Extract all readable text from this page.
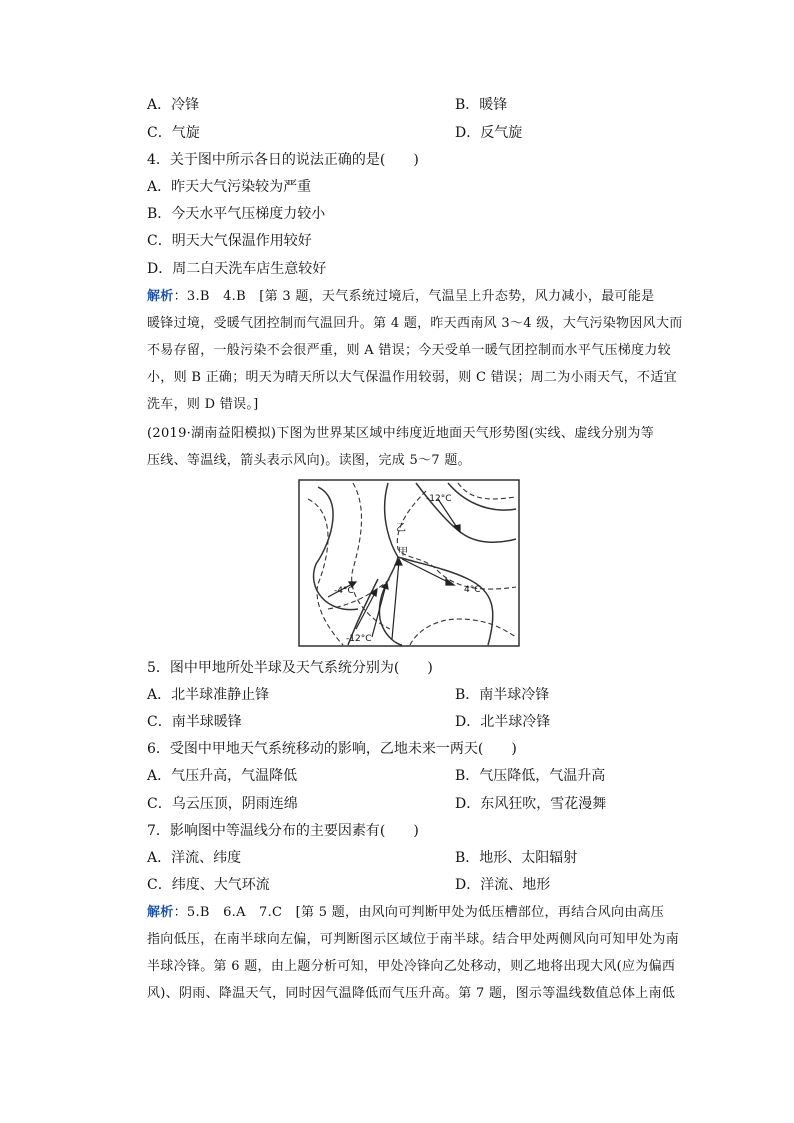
A．冷锋	B．暖锋
C．气旋	D．反气旋
4．关于图中所示各日的说法正确的是(　　)
A．昨天大气污染较为严重
B．今天水平气压梯度力较小
C．明天大气保温作用较好
D．周二白天洗车店生意较好
解析：3.B　4.B　[第 3 题，天气系统过境后，气温呈上升态势，风力减小，最可能是
暖锋过境，受暖气团控制而气温回升。第 4 题，昨天西南风 3～4 级，大气污染物因风大而
不易存留，一般污染不会很严重，则 A 错误；今天受单一暖气团控制而水平气压梯度力较
小，则 B 正确；明天为晴天所以大气保温作用较弱，则 C 错误；周二为小雨天气，不适宜
洗车，则 D 错误。]
(2019·湖南益阳模拟)下图为世界某区域中纬度近地面天气形势图(实线、虚线分别为等
压线、等温线，箭头表示风向)。读图，完成 5～7 题。
-12°C
-4°C	4°C
-12°C
乙
甲
5．图中甲地所处半球及天气系统分别为(　　)
A．北半球准静止锋	B．南半球冷锋
C．南半球暖锋	D．北半球冷锋
6．受图中甲地天气系统移动的影响，乙地未来一两天(　　)
A．气压升高，气温降低	B．气压降低，气温升高
C．乌云压顶，阴雨连绵	D．东风狂吹，雪花漫舞
7．影响图中等温线分布的主要因素有(　　)
A．洋流、纬度	B．地形、太阳辐射
C．纬度、大气环流	D．洋流、地形
解析：5.B　6.A　7.C　[第 5 题，由风向可判断甲处为低压槽部位，再结合风向由高压
指向低压，在南半球向左偏，可判断图示区域位于南半球。结合甲处两侧风向可知甲处为南
半球冷锋。第 6 题，由上题分析可知，甲处冷锋向乙处移动，则乙地将出现大风(应为偏西
风)、阴雨、降温天气，同时因气温降低而气压升高。第 7 题，图示等温线数值总体上南低
